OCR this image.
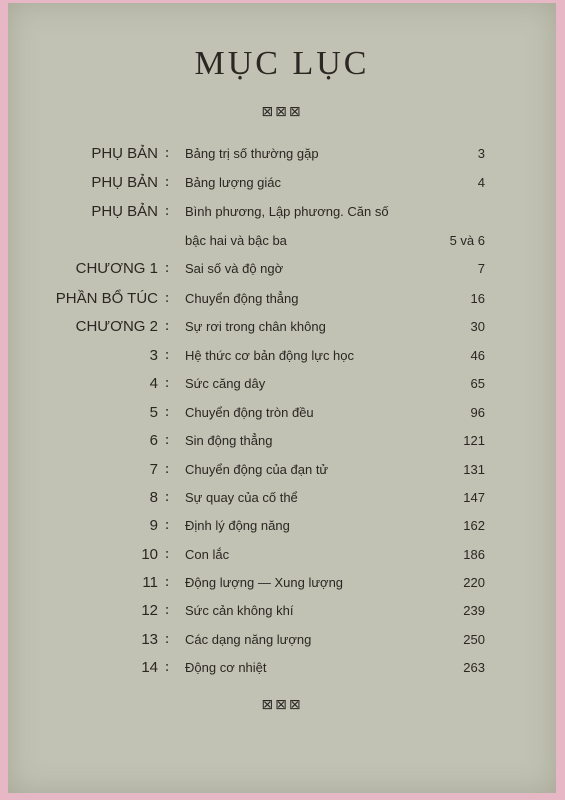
MỤC LỤC
⊠⊠⊠
PHỤ BẢN : Bảng trị số thường gặp	3
PHỤ BẢN : Bảng lượng giác	4
PHỤ BẢN : Bình phương, Lập phương. Căn số
bậc hai và bậc ba	5 và 6
CHƯƠNG 1 : Sai số và độ ngờ	7
PHẦN BỔ TÚC : Chuyển động thẳng	16
CHƯƠNG 2 : Sự rơi trong chân không	30
3 : Hệ thức cơ bản động lực học	46
4 : Sức căng dây	65
5 : Chuyển động tròn đều	96
6 : Sin động thẳng	121
7 : Chuyển động của đạn tử	131
8 : Sự quay của cố thể	147
9 : Định lý động năng	162
10 : Con lắc	186
11 : Động lượng — Xung lượng	220
12 : Sức cản không khí	239
13 : Các dạng năng lượng	250
14 : Động cơ nhiệt	263
⊠⊠⊠
